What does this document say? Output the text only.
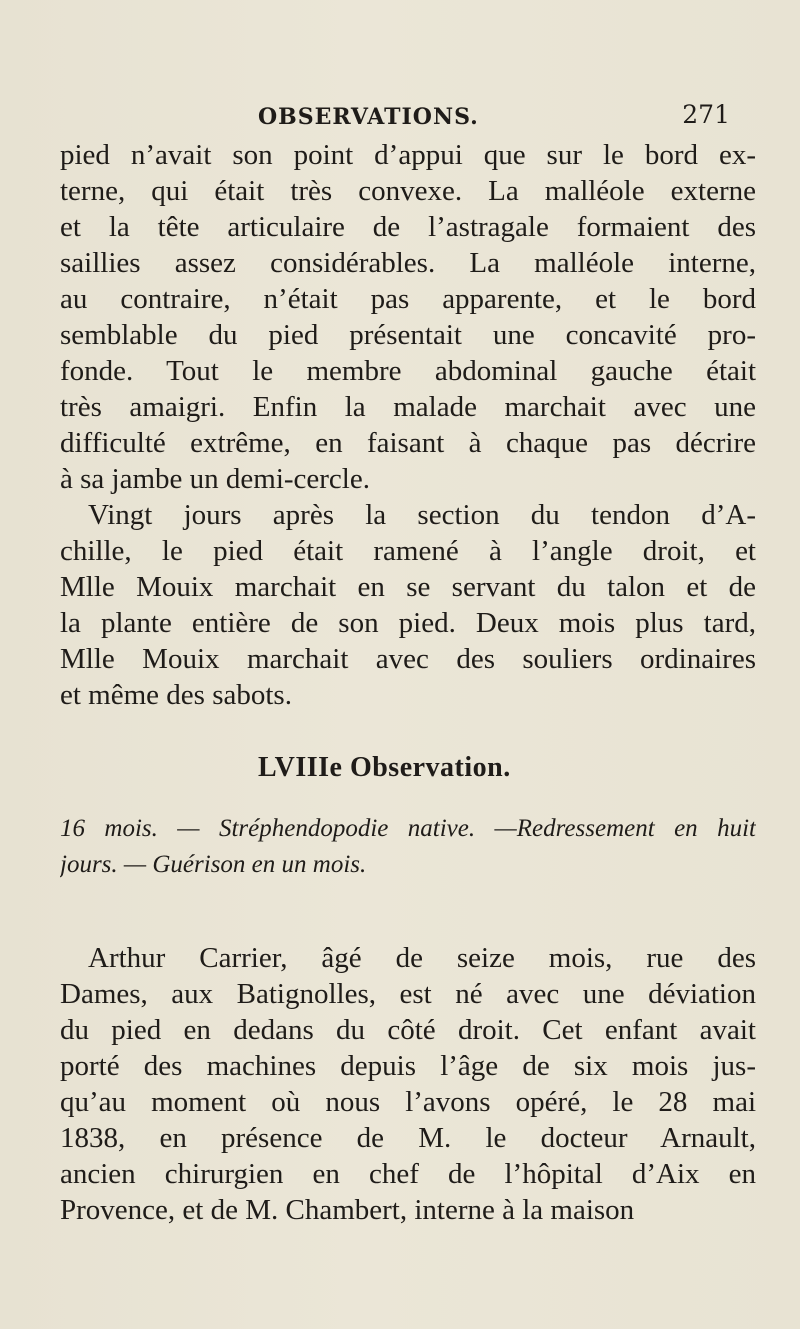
OBSERVATIONS.	271
pied n’avait son point d’appui que sur le bord ex-
terne, qui était très convexe. La malléole externe
et la tête articulaire de l’astragale formaient des
saillies assez considérables. La malléole interne,
au contraire, n’était pas apparente, et le bord
semblable du pied présentait une concavité pro-
fonde. Tout le membre abdominal gauche était
très amaigri. Enfin la malade marchait avec une
difficulté extrême, en faisant à chaque pas décrire
à sa jambe un demi-cercle.
Vingt jours après la section du tendon d’A-
chille, le pied était ramené à l’angle droit, et
Mlle Mouix marchait en se servant du talon et de
la plante entière de son pied. Deux mois plus tard,
Mlle Mouix marchait avec des souliers ordinaires
et même des sabots.
LVIIIe Observation.
16 mois. — Stréphendopodie native. —Redressement en huit
jours. — Guérison en un mois.
Arthur Carrier, âgé de seize mois, rue des
Dames, aux Batignolles, est né avec une déviation
du pied en dedans du côté droit. Cet enfant avait
porté des machines depuis l’âge de six mois jus-
qu’au moment où nous l’avons opéré, le 28 mai
1838, en présence de M. le docteur Arnault,
ancien chirurgien en chef de l’hôpital d’Aix en
Provence, et de M. Chambert, interne à la maison
